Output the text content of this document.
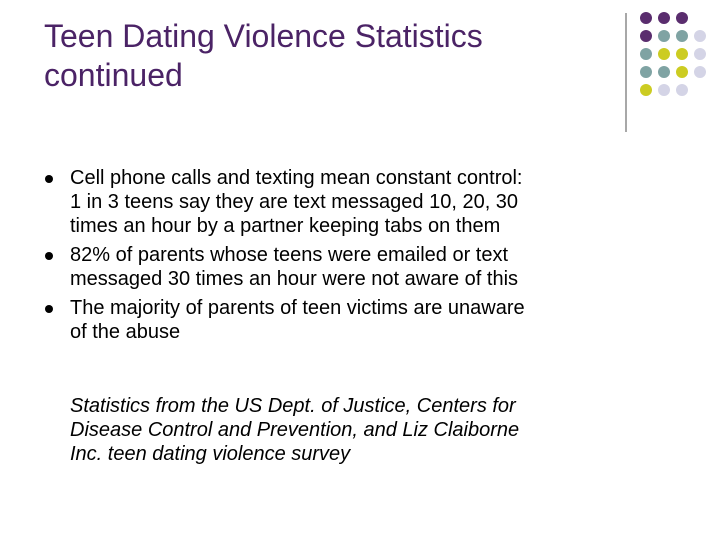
Teen Dating Violence Statistics
continued
Cell phone calls and texting mean constant control:
1 in 3 teens say they are text messaged 10, 20, 30
times an hour by a partner keeping tabs on them
82% of parents whose teens were emailed or text
messaged 30 times an hour were not aware of this
The majority of parents of teen victims are unaware
of the abuse
Statistics from the US Dept. of Justice, Centers for
Disease Control and Prevention, and Liz Claiborne
Inc. teen dating violence survey
